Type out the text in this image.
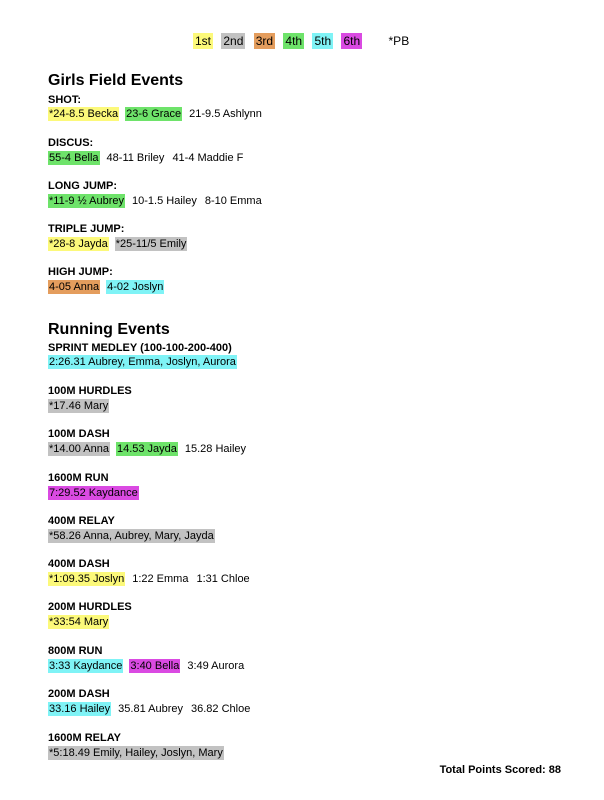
1st 2nd 3rd 4th 5th 6th *PB
Girls Field Events
SHOT:
*24-8.5 Becka 23-6 Grace 21-9.5 Ashlynn
DISCUS:
55-4 Bella 48-11 Briley 41-4 Maddie F
LONG JUMP:
*11-9 ½ Aubrey 10-1.5 Hailey 8-10 Emma
TRIPLE JUMP:
*28-8 Jayda *25-11/5 Emily
HIGH JUMP:
4-05 Anna 4-02 Joslyn
Running Events
SPRINT MEDLEY (100-100-200-400)
2:26.31 Aubrey, Emma, Joslyn, Aurora
100M HURDLES
*17.46 Mary
100M DASH
*14.00 Anna 14.53 Jayda 15.28 Hailey
1600M RUN
7:29.52 Kaydance
400M RELAY
*58.26 Anna, Aubrey, Mary, Jayda
400M DASH
*1:09.35 Joslyn 1:22 Emma 1:31 Chloe
200M HURDLES
*33:54 Mary
800M RUN
3:33 Kaydance 3:40 Bella 3:49 Aurora
200M DASH
33.16 Hailey 35.81 Aubrey 36.82 Chloe
1600M RELAY
*5:18.49 Emily, Hailey, Joslyn, Mary
Total Points Scored: 88
